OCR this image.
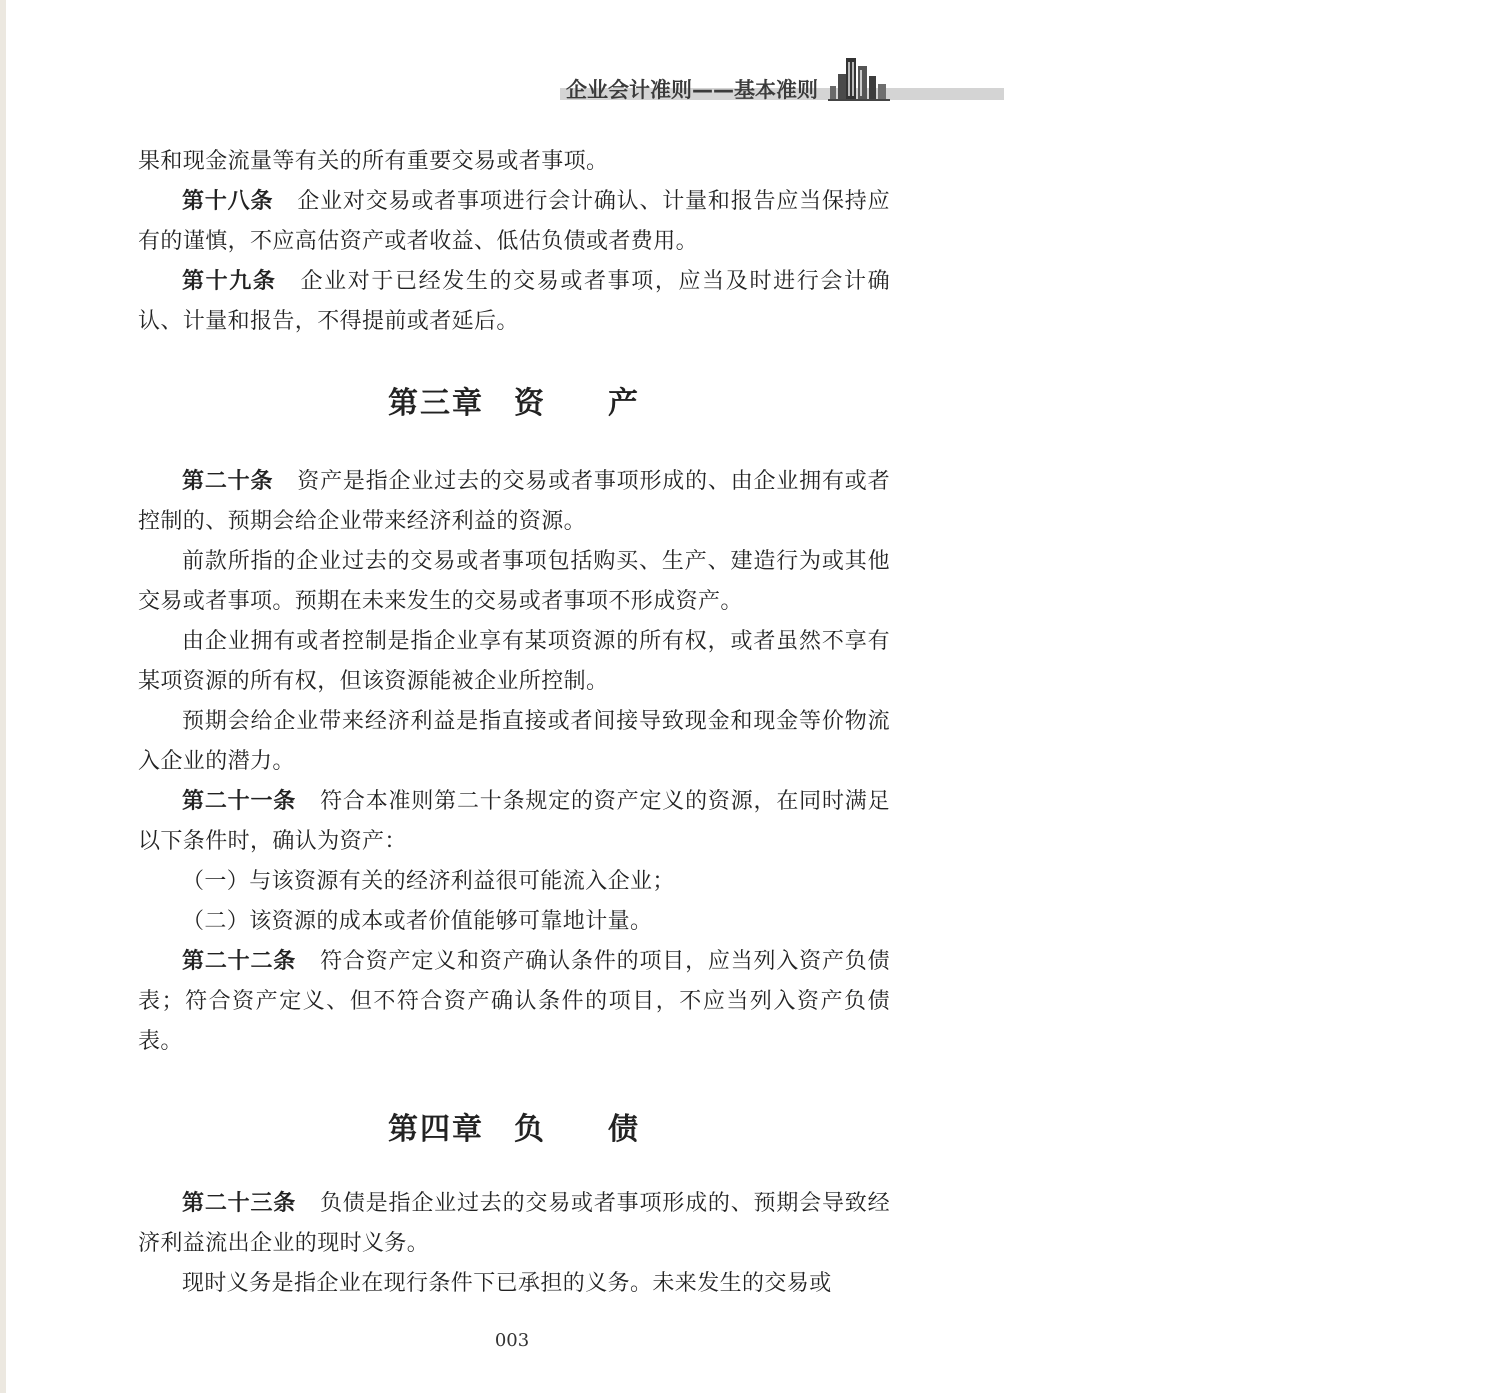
企业会计准则——基本准则

果和现金流量等有关的所有重要交易或者事项。

第十八条 企业对交易或者事项进行会计确认、计量和报告应当保持应有的谨慎，不应高估资产或者收益、低估负债或者费用。

第十九条 企业对于已经发生的交易或者事项，应当及时进行会计确认、计量和报告，不得提前或者延后。

第三章 资 产

第二十条 资产是指企业过去的交易或者事项形成的、由企业拥有或者控制的、预期会给企业带来经济利益的资源。

前款所指的企业过去的交易或者事项包括购买、生产、建造行为或其他交易或者事项。预期在未来发生的交易或者事项不形成资产。

由企业拥有或者控制是指企业享有某项资源的所有权，或者虽然不享有某项资源的所有权，但该资源能被企业所控制。

预期会给企业带来经济利益是指直接或者间接导致现金和现金等价物流入企业的潜力。

第二十一条 符合本准则第二十条规定的资产定义的资源，在同时满足以下条件时，确认为资产：

（一）与该资源有关的经济利益很可能流入企业；

（二）该资源的成本或者价值能够可靠地计量。

第二十二条 符合资产定义和资产确认条件的项目，应当列入资产负债表；符合资产定义、但不符合资产确认条件的项目，不应当列入资产负债表。

第四章 负 债

第二十三条 负债是指企业过去的交易或者事项形成的、预期会导致经济利益流出企业的现时义务。

现时义务是指企业在现行条件下已承担的义务。未来发生的交易或

003
